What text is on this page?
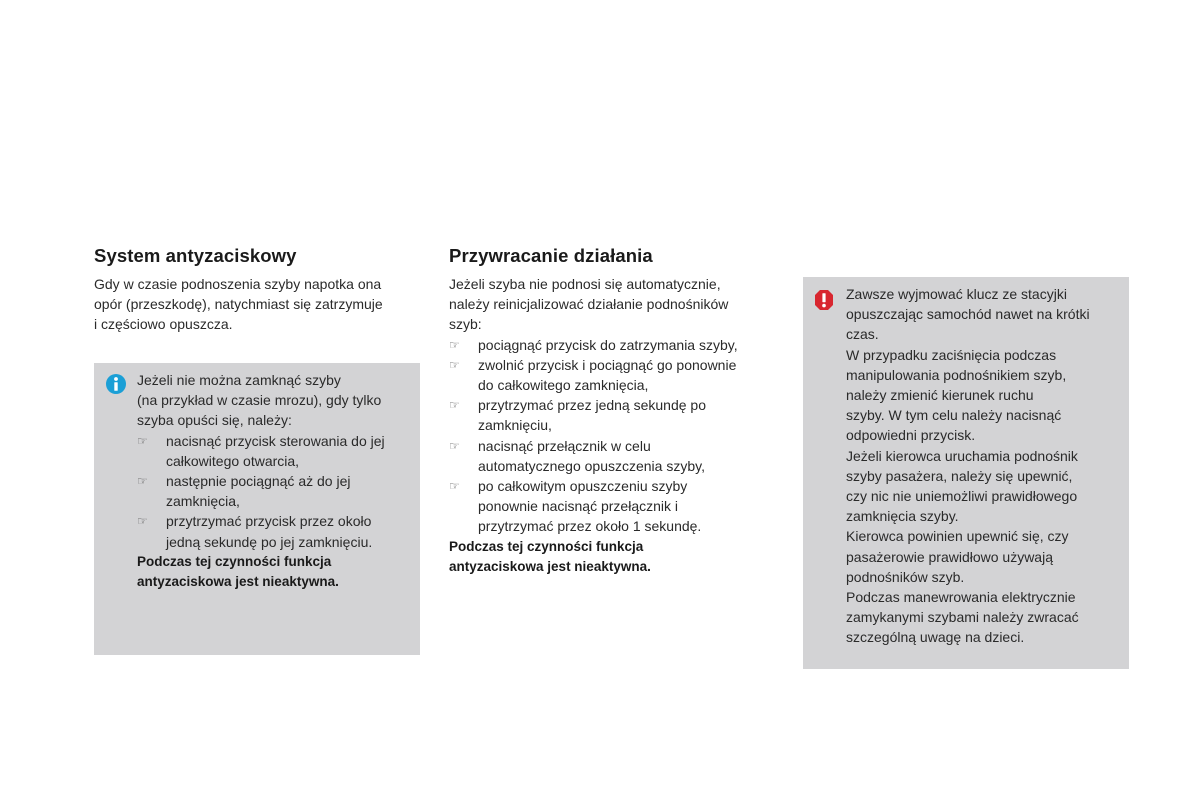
System antyzaciskowy

Gdy w czasie podnoszenia szyby napotka ona

opór (przeszkodę), natychmiast się zatrzymuje

i częściowo opuszcza.

Jeżeli nie można zamknąć szyby

(na przykład w czasie mrozu), gdy tylko

szyba opuści się, należy:

☞ nacisnąć przycisk sterowania do jej
całkowitego otwarcia,
☞ następnie pociągnąć aż do jej
zamknięcia,
☞ przytrzymać przycisk przez około
jedną sekundę po jej zamknięciu.

Podczas tej czynności funkcja

antyzaciskowa jest nieaktywna.

Przywracanie działania

Jeżeli szyba nie podnosi się automatycznie,

należy reinicjalizować działanie podnośników

szyb:

☞ pociągnąć przycisk do zatrzymania szyby,
☞ zwolnić przycisk i pociągnąć go ponownie
do całkowitego zamknięcia,
☞ przytrzymać przez jedną sekundę po
zamknięciu,
☞ nacisnąć przełącznik w celu
automatycznego opuszczenia szyby,
☞ po całkowitym opuszczeniu szyby
ponownie nacisnąć przełącznik i
przytrzymać przez około 1 sekundę.

Podczas tej czynności funkcja

antyzaciskowa jest nieaktywna.

Zawsze wyjmować klucz ze stacyjki

opuszczając samochód nawet na krótki

czas.

W przypadku zaciśnięcia podczas

manipulowania podnośnikiem szyb,

należy zmienić kierunek ruchu

szyby. W tym celu należy nacisnąć

odpowiedni przycisk.

Jeżeli kierowca uruchamia podnośnik

szyby pasażera, należy się upewnić,

czy nic nie uniemożliwi prawidłowego

zamknięcia szyby.

Kierowca powinien upewnić się, czy

pasażerowie prawidłowo używają

podnośników szyb.

Podczas manewrowania elektrycznie

zamykanymi szybami należy zwracać

szczególną uwagę na dzieci.
